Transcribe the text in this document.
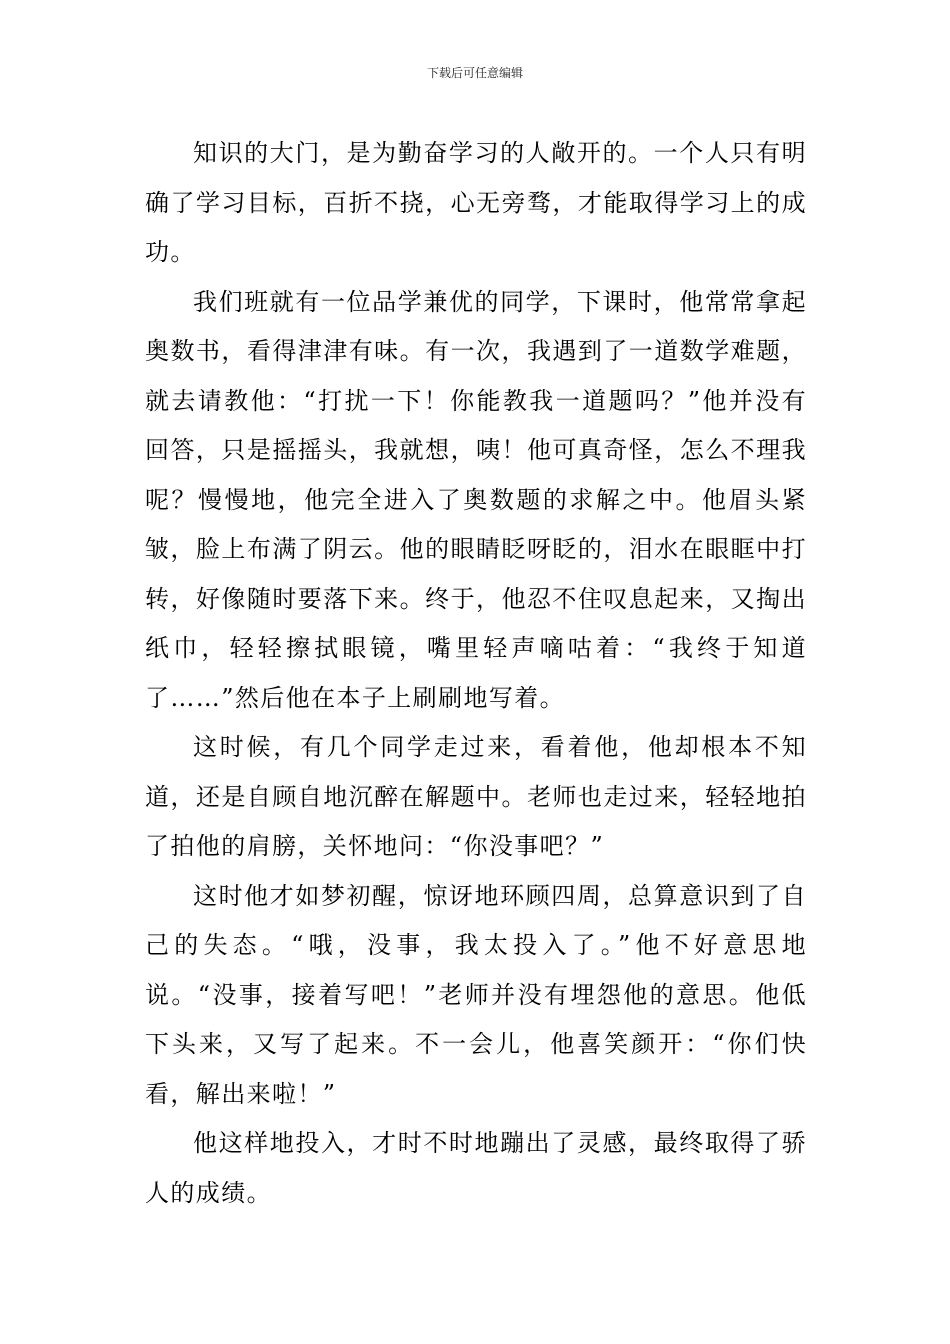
下载后可任意编辑

知识的大门，是为勤奋学习的人敞开的。一个人只有明确了学习目标，百折不挠，心无旁骛，才能取得学习上的成功。

我们班就有一位品学兼优的同学，下课时，他常常拿起奥数书，看得津津有味。有一次，我遇到了一道数学难题，就去请教他：“打扰一下！你能教我一道题吗？”他并没有回答，只是摇摇头，我就想，咦！他可真奇怪，怎么不理我呢？慢慢地，他完全进入了奥数题的求解之中。他眉头紧皱，脸上布满了阴云。他的眼睛眨呀眨的，泪水在眼眶中打转，好像随时要落下来。终于，他忍不住叹息起来，又掏出纸巾，轻轻擦拭眼镜，嘴里轻声嘀咕着：“我终于知道了……”然后他在本子上刷刷地写着。

这时候，有几个同学走过来，看着他，他却根本不知道，还是自顾自地沉醉在解题中。老师也走过来，轻轻地拍了拍他的肩膀，关怀地问：“你没事吧？”

这时他才如梦初醒，惊讶地环顾四周，总算意识到了自己的失态。“哦，没事，我太投入了。”他不好意思地说。“没事，接着写吧！”老师并没有埋怨他的意思。他低下头来，又写了起来。不一会儿，他喜笑颜开：“你们快看，解出来啦！”

他这样地投入，才时不时地蹦出了灵感，最终取得了骄人的成绩。
